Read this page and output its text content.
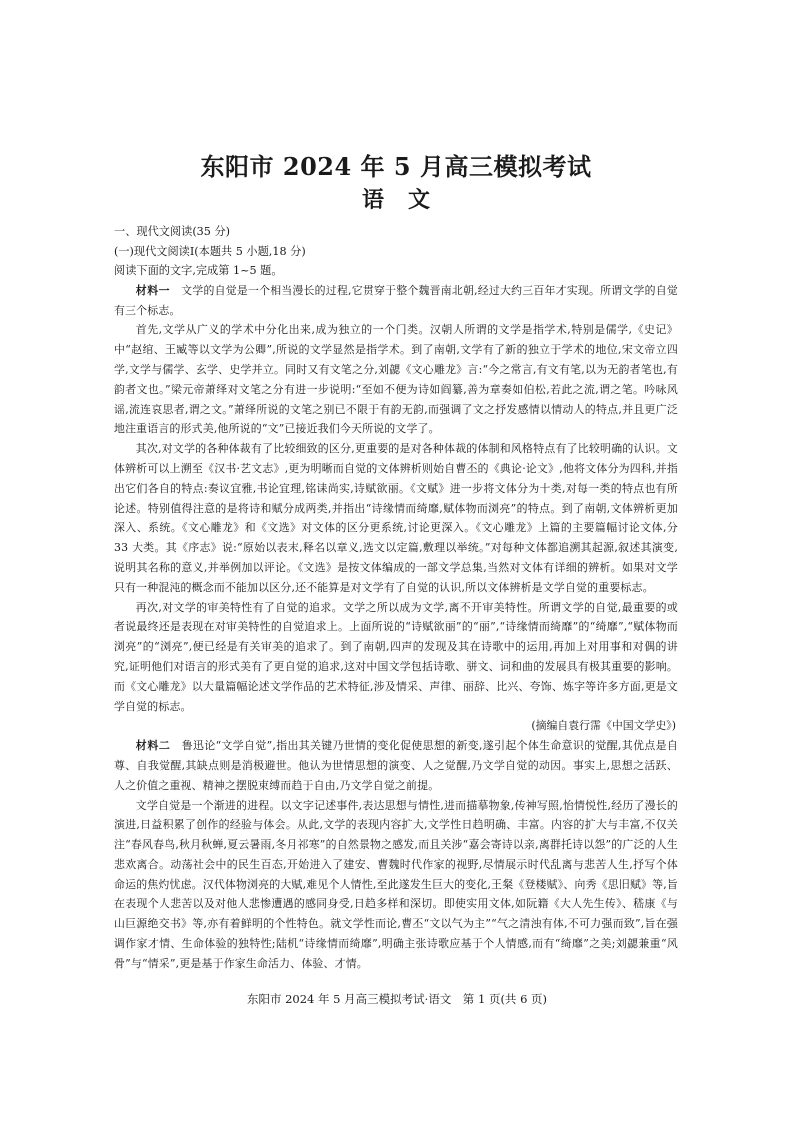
东阳市 2024 年 5 月高三模拟考试
语文

一、现代文阅读(35 分)

(一)现代文阅读Ⅰ(本题共 5 小题,18 分)

阅读下面的文字,完成第 1~5 题。

材料一　 文学的自觉是一个相当漫长的过程,它贯穿于整个魏晋南北朝,经过大约三百年才实现。所谓文学的自觉有三个标志。

首先,文学从广义的学术中分化出来,成为独立的一个门类。汉朝人所谓的文学是指学术,特别是儒学,《史记》中“赵绾、王臧等以文学为公卿”,所说的文学显然是指学术。到了南朝,文学有了新的独立于学术的地位,宋文帝立四学,文学与儒学、玄学、史学并立。同时又有文笔之分,刘勰《文心雕龙》言:“今之常言,有文有笔,以为无韵者笔也,有韵者文也。”梁元帝萧绎对文笔之分有进一步说明:“至如不便为诗如阎纂,善为章奏如伯松,若此之流,谓之笔。吟咏风谣,流连哀思者,谓之文。”萧绎所说的文笔之别已不限于有韵无韵,而强调了文之抒发感情以情动人的特点,并且更广泛地注重语言的形式美,他所说的“文”已接近我们今天所说的文学了。

其次,对文学的各种体裁有了比较细致的区分,更重要的是对各种体裁的体制和风格特点有了比较明确的认识。文体辨析可以上溯至《汉书·艺文志》,更为明晰而自觉的文体辨析则始自曹丕的《典论·论文》,他将文体分为四科,并指出它们各自的特点:奏议宜雅,书论宜理,铭诔尚实,诗赋欲丽。《文赋》进一步将文体分为十类,对每一类的特点也有所论述。特别值得注意的是将诗和赋分成两类,并指出“诗缘情而绮靡,赋体物而浏亮”的特点。到了南朝,文体辨析更加深入、系统。《文心雕龙》和《文选》对文体的区分更系统,讨论更深入。《文心雕龙》上篇的主要篇幅讨论文体,分 33 大类。其《序志》说:“原始以表末,释名以章义,选文以定篇,敷理以举统。”对每种文体都追溯其起源,叙述其演变,说明其名称的意义,并举例加以评论。《文选》是按文体编成的一部文学总集,当然对文体有详细的辨析。如果对文学只有一种混沌的概念而不能加以区分,还不能算是对文学有了自觉的认识,所以文体辨析是文学自觉的重要标志。

再次,对文学的审美特性有了自觉的追求。文学之所以成为文学,离不开审美特性。所谓文学的自觉,最重要的或者说最终还是表现在对审美特性的自觉追求上。上面所说的“诗赋欲丽”的“丽”,“诗缘情而绮靡”的“绮靡”,“赋体物而浏亮”的“浏亮”,便已经是有关审美的追求了。到了南朝,四声的发现及其在诗歌中的运用,再加上对用事和对偶的讲究,证明他们对语言的形式美有了更自觉的追求,这对中国文学包括诗歌、骈文、词和曲的发展具有极其重要的影响。而《文心雕龙》以大量篇幅论述文学作品的艺术特征,涉及情采、声律、丽辞、比兴、夸饰、炼字等许多方面,更是文学自觉的标志。

(摘编自袁行霈《中国文学史》)

材料二　 鲁迅论“文学自觉”,指出其关键乃世情的变化促使思想的新变,遂引起个体生命意识的觉醒,其优点是自尊、自我觉醒,其缺点则是消极避世。他认为世情思想的演变、人之觉醒,乃文学自觉的动因。事实上,思想之活跃、人之价值之重视、精神之摆脱束缚而趋于自由,乃文学自觉之前提。

文学自觉是一个渐进的进程。以文字记述事件,表达思想与情性,进而描摹物象,传神写照,怡情悦性,经历了漫长的演进,日益积累了创作的经验与体会。从此,文学的表现内容扩大,文学性日趋明确、丰富。内容的扩大与丰富,不仅关注“春风春鸟,秋月秋蝉,夏云暑雨,冬月祁寒”的自然景物之感发,而且关涉“嘉会寄诗以亲,离群托诗以怨”的广泛的人生悲欢离合。动荡社会中的民生百态,开始进入了建安、曹魏时代作家的视野,尽情展示时代乱离与悲苦人生,抒写个体命运的焦灼忧虑。汉代体物浏亮的大赋,难见个人情性,至此遂发生巨大的变化,王粲《登楼赋》、向秀《思旧赋》等,旨在表现个人悲苦以及对他人悲惨遭遇的感同身受,日趋多样和深切。即使实用文体,如阮籍《大人先生传》、嵇康《与山巨源绝交书》等,亦有着鲜明的个性特色。就文学性而论,曹丕“文以气为主”“气之清浊有体,不可力强而致”,旨在强调作家才情、生命体验的独特性;陆机“诗缘情而绮靡”,明确主张诗歌应基于个人情感,而有“绮靡”之美;刘勰兼重“风骨”与“情采”,更是基于作家生命活力、体验、才情。

东阳市 2024 年 5 月高三模拟考试·语文　第 1 页(共 6 页)
